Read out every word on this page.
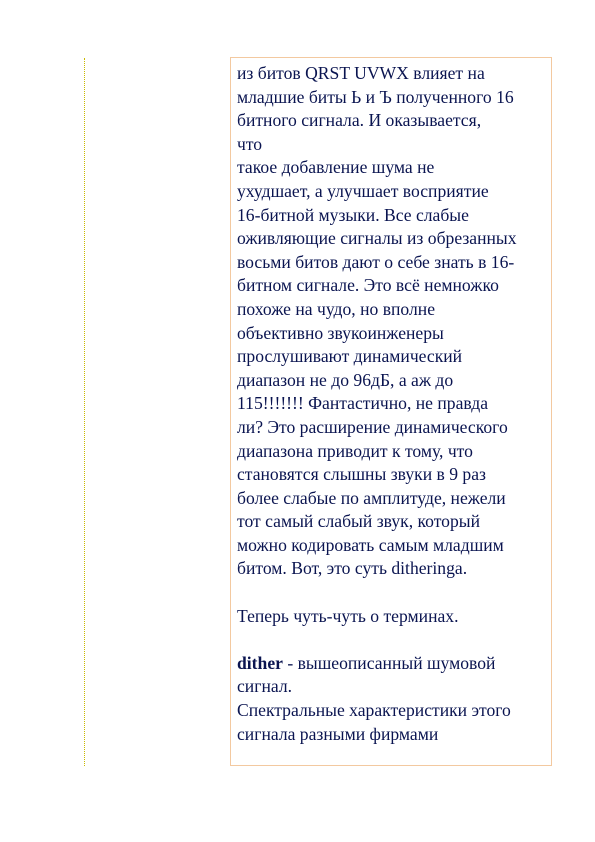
из битов QRST UVWX влияет на
младшие биты Ь и Ъ полученного 16
битного сигнала. И оказывается,
что
такое добавление шума не
ухудшает, а улучшает восприятие
16-битной музыки. Все слабые
оживляющие сигналы из обрезанных
восьми битов дают о себе знать в 16-
битном сигнале. Это всё немножко
похоже на чудо, но вполне
объективно звукоинженеры
прослушивают динамический
диапазон не до 96дБ, а аж до
115!!!!!!! Фантастично, не правда
ли? Это расширение динамического
диапазона приводит к тому, что
становятся слышны звуки в 9 раз
более слабые по амплитуде, нежели
тот самый слабый звук, который
можно кодировать самым младшим
битом. Вот, это суть ditheringa.
Теперь чуть-чуть о терминах.
dither - вышеописанный шумовой
сигнал.
Спектральные характеристики этого
сигнала разными фирмами
